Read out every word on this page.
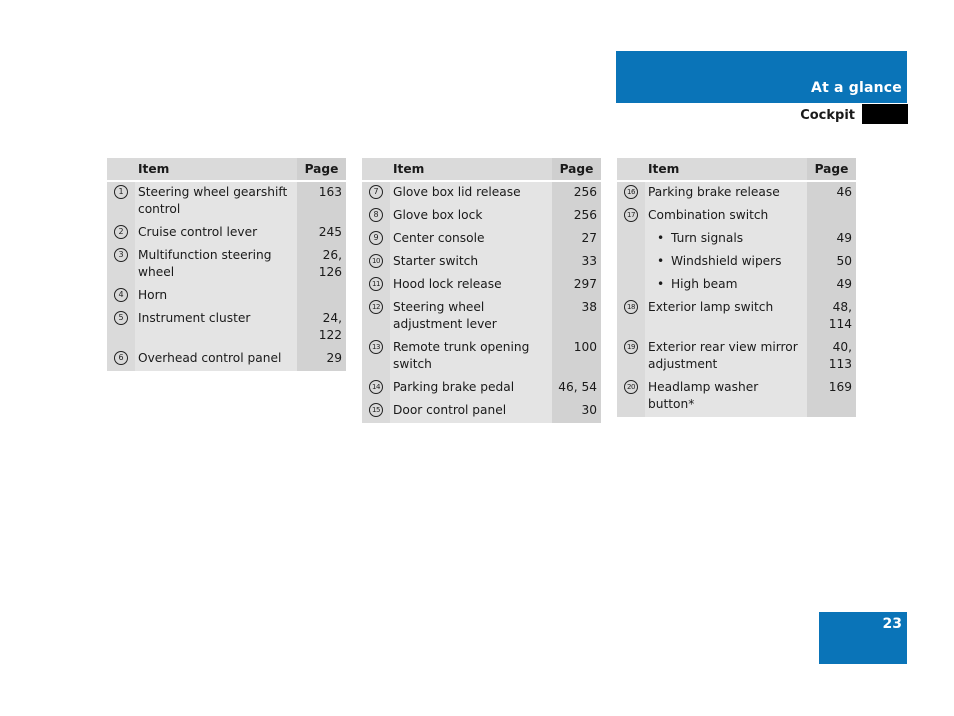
At a glance
Cockpit
	Item	Page
1	Steering wheel gearshift control	163
2	Cruise control lever	245
3	Multifunction steering wheel	26, 126
4	Horn	
5	Instrument cluster	24, 122
6	Overhead control panel	29
	Item	Page
7	Glove box lid release	256
8	Glove box lock	256
9	Center console	27
10	Starter switch	33
11	Hood lock release	297
12	Steering wheel adjustment lever	38
13	Remote trunk opening switch	100
14	Parking brake pedal	46, 54
15	Door control panel	30
	Item	Page
16	Parking brake release	46
17	Combination switch	
	• Turn signals	49
	• Windshield wipers	50
	• High beam	49
18	Exterior lamp switch	48, 114
19	Exterior rear view mirror adjustment	40, 113
20	Headlamp washer button*	169
23
